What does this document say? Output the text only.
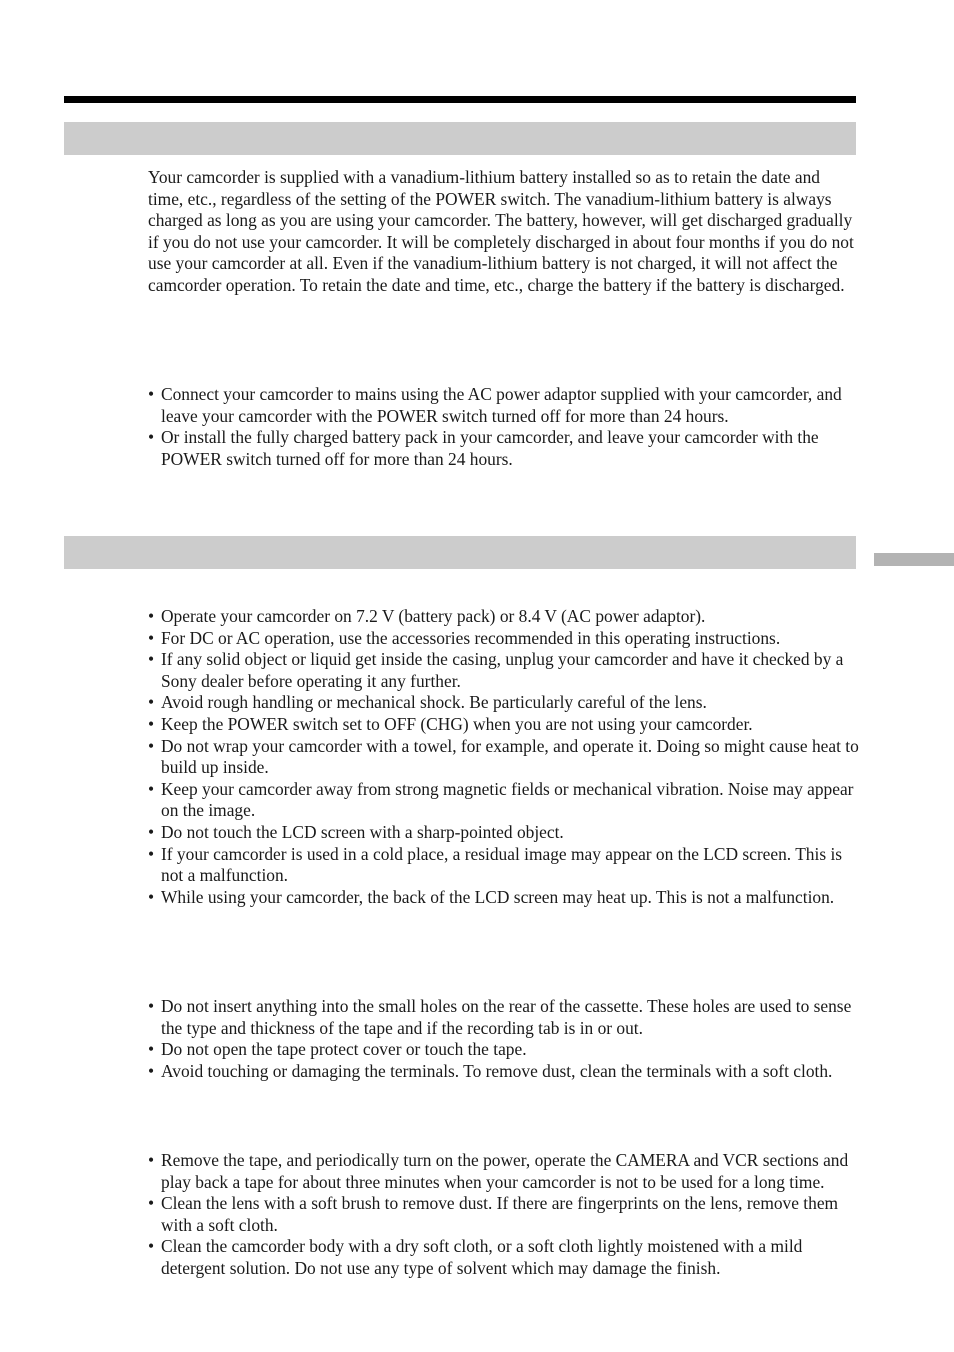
Your camcorder is supplied with a vanadium-lithium battery installed so as to retain the date and time, etc., regardless of the setting of the POWER switch. The vanadium-lithium battery is always charged as long as you are using your camcorder. The battery, however, will get discharged gradually if you do not use your camcorder. It will be completely discharged in about four months if you do not use your camcorder at all. Even if the vanadium-lithium battery is not charged, it will not affect the camcorder operation. To retain the date and time, etc., charge the battery if the battery is discharged.

• Connect your camcorder to mains using the AC power adaptor supplied with your camcorder, and leave your camcorder with the POWER switch turned off for more than 24 hours.
• Or install the fully charged battery pack in your camcorder, and leave your camcorder with the POWER switch turned off for more than 24 hours.
• Operate your camcorder on 7.2 V (battery pack) or 8.4 V (AC power adaptor).
• For DC or AC operation, use the accessories recommended in this operating instructions.
• If any solid object or liquid get inside the casing, unplug your camcorder and have it checked by a Sony dealer before operating it any further.
• Avoid rough handling or mechanical shock. Be particularly careful of the lens.
• Keep the POWER switch set to OFF (CHG) when you are not using your camcorder.
• Do not wrap your camcorder with a towel, for example, and operate it. Doing so might cause heat to build up inside.
• Keep your camcorder away from strong magnetic fields or mechanical vibration. Noise may appear on the image.
• Do not touch the LCD screen with a sharp-pointed object.
• If your camcorder is used in a cold place, a residual image may appear on the LCD screen. This is not a malfunction.
• While using your camcorder, the back of the LCD screen may heat up. This is not a malfunction.
• Do not insert anything into the small holes on the rear of the cassette. These holes are used to sense the type and thickness of the tape and if the recording tab is in or out.
• Do not open the tape protect cover or touch the tape.
• Avoid touching or damaging the terminals. To remove dust, clean the terminals with a soft cloth.
• Remove the tape, and periodically turn on the power, operate the CAMERA and VCR sections and play back a tape for about three minutes when your camcorder is not to be used for a long time.
• Clean the lens with a soft brush to remove dust. If there are fingerprints on the lens, remove them with a soft cloth.
• Clean the camcorder body with a dry soft cloth, or a soft cloth lightly moistened with a mild detergent solution. Do not use any type of solvent which may damage the finish.
